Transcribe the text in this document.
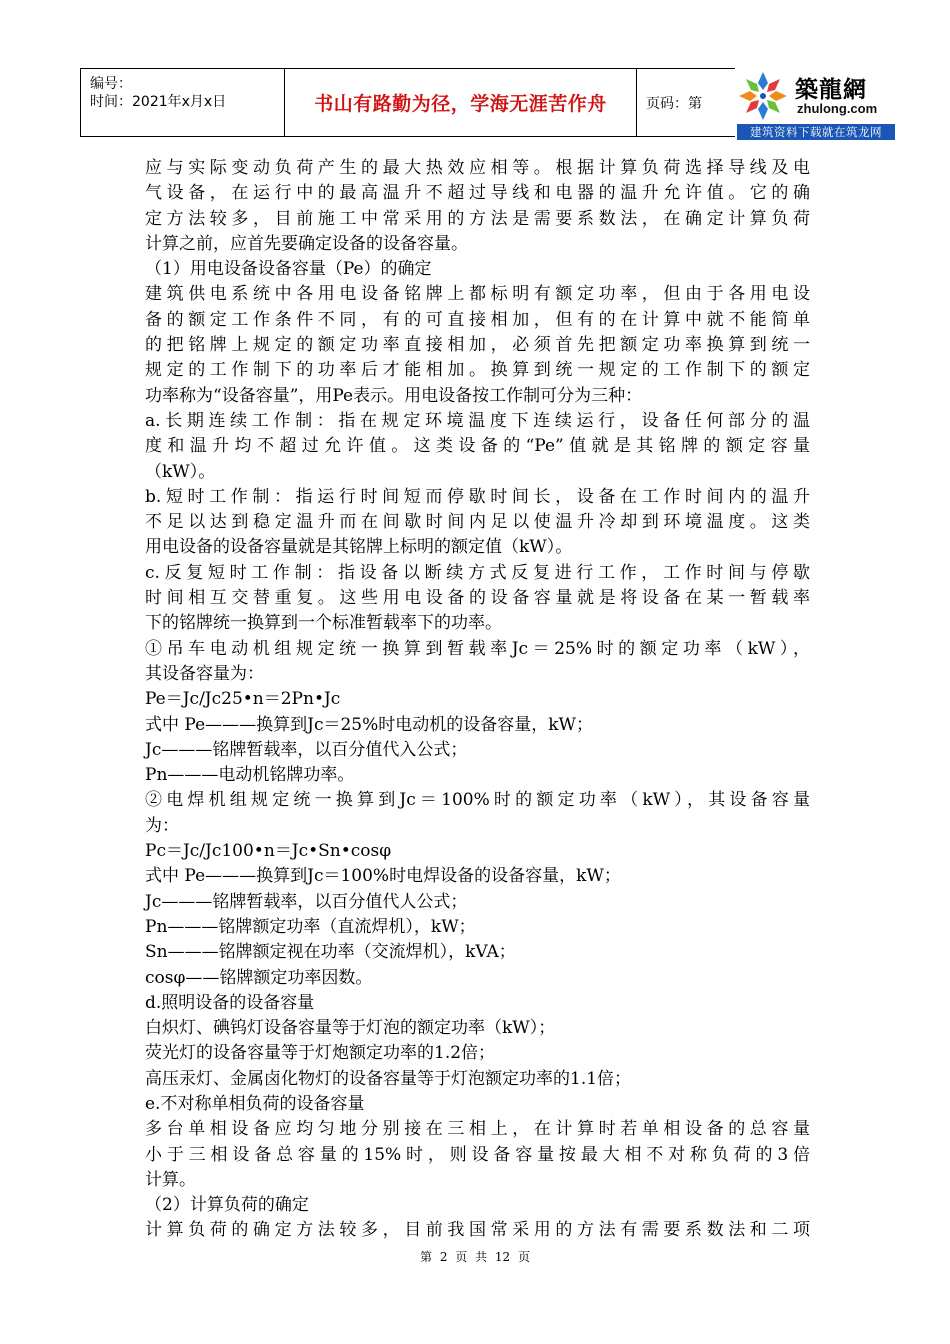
编号：
时间：2021年x月x日	书山有路勤为径，学海无涯苦作舟	页码：第
築龍網
zhulong.com
建筑资料下载就在筑龙网
应与实际变动负荷产生的最大热效应相等。根据计算负荷选择导线及电
气设备，在运行中的最高温升不超过导线和电器的温升允许值。它的确
定方法较多，目前施工中常采用的方法是需要系数法，在确定计算负荷
计算之前，应首先要确定设备的设备容量。
（1）用电设备设备容量（Pe）的确定
建筑供电系统中各用电设备铭牌上都标明有额定功率，但由于各用电设
备的额定工作条件不同，有的可直接相加，但有的在计算中就不能简单
的把铭牌上规定的额定功率直接相加，必须首先把额定功率换算到统一
规定的工作制下的功率后才能相加。换算到统一规定的工作制下的额定
功率称为“设备容量”，用Pe表示。用电设备按工作制可分为三种：
a.长期连续工作制：指在规定环境温度下连续运行，设备任何部分的温
度和温升均不超过允许值。这类设备的“Pe”值就是其铭牌的额定容量
（kW）。
b.短时工作制：指运行时间短而停歇时间长，设备在工作时间内的温升
不足以达到稳定温升而在间歇时间内足以使温升冷却到环境温度。这类
用电设备的设备容量就是其铭牌上标明的额定值（kW）。
c.反复短时工作制：指设备以断续方式反复进行工作，工作时间与停歇
时间相互交替重复。这些用电设备的设备容量就是将设备在某一暂载率
下的铭牌统一换算到一个标准暂载率下的功率。
①吊车电动机组规定统一换算到暂载率Jc＝25%时的额定功率（kW），
其设备容量为：
Pe＝Jc/Jc25•n＝2Pn•Jc
式中 Pe———换算到Jc＝25%时电动机的设备容量，kW；
Jc———铭牌暂载率，以百分值代入公式；
Pn———电动机铭牌功率。
②电焊机组规定统一换算到Jc＝100%时的额定功率（kW），其设备容量
为：
Pc＝Jc/Jc100•n＝Jc•Sn•cosφ
式中 Pe———换算到Jc＝100%时电焊设备的设备容量，kW；
Jc———铭牌暂载率，以百分值代人公式；
Pn———铭牌额定功率（直流焊机），kW；
Sn———铭牌额定视在功率（交流焊机），kVA；
cosφ——铭牌额定功率因数。
d.照明设备的设备容量
白炽灯、碘钨灯设备容量等于灯泡的额定功率（kW）；
荧光灯的设备容量等于灯炮额定功率的1.2倍；
高压汞灯、金属卤化物灯的设备容量等于灯泡额定功率的1.1倍；
e.不对称单相负荷的设备容量
多台单相设备应均匀地分别接在三相上，在计算时若单相设备的总容量
小于三相设备总容量的15%时，则设备容量按最大相不对称负荷的3倍
计算。
（2）计算负荷的确定
计算负荷的确定方法较多，目前我国常采用的方法有需要系数法和二项
第 2 页 共 12 页
